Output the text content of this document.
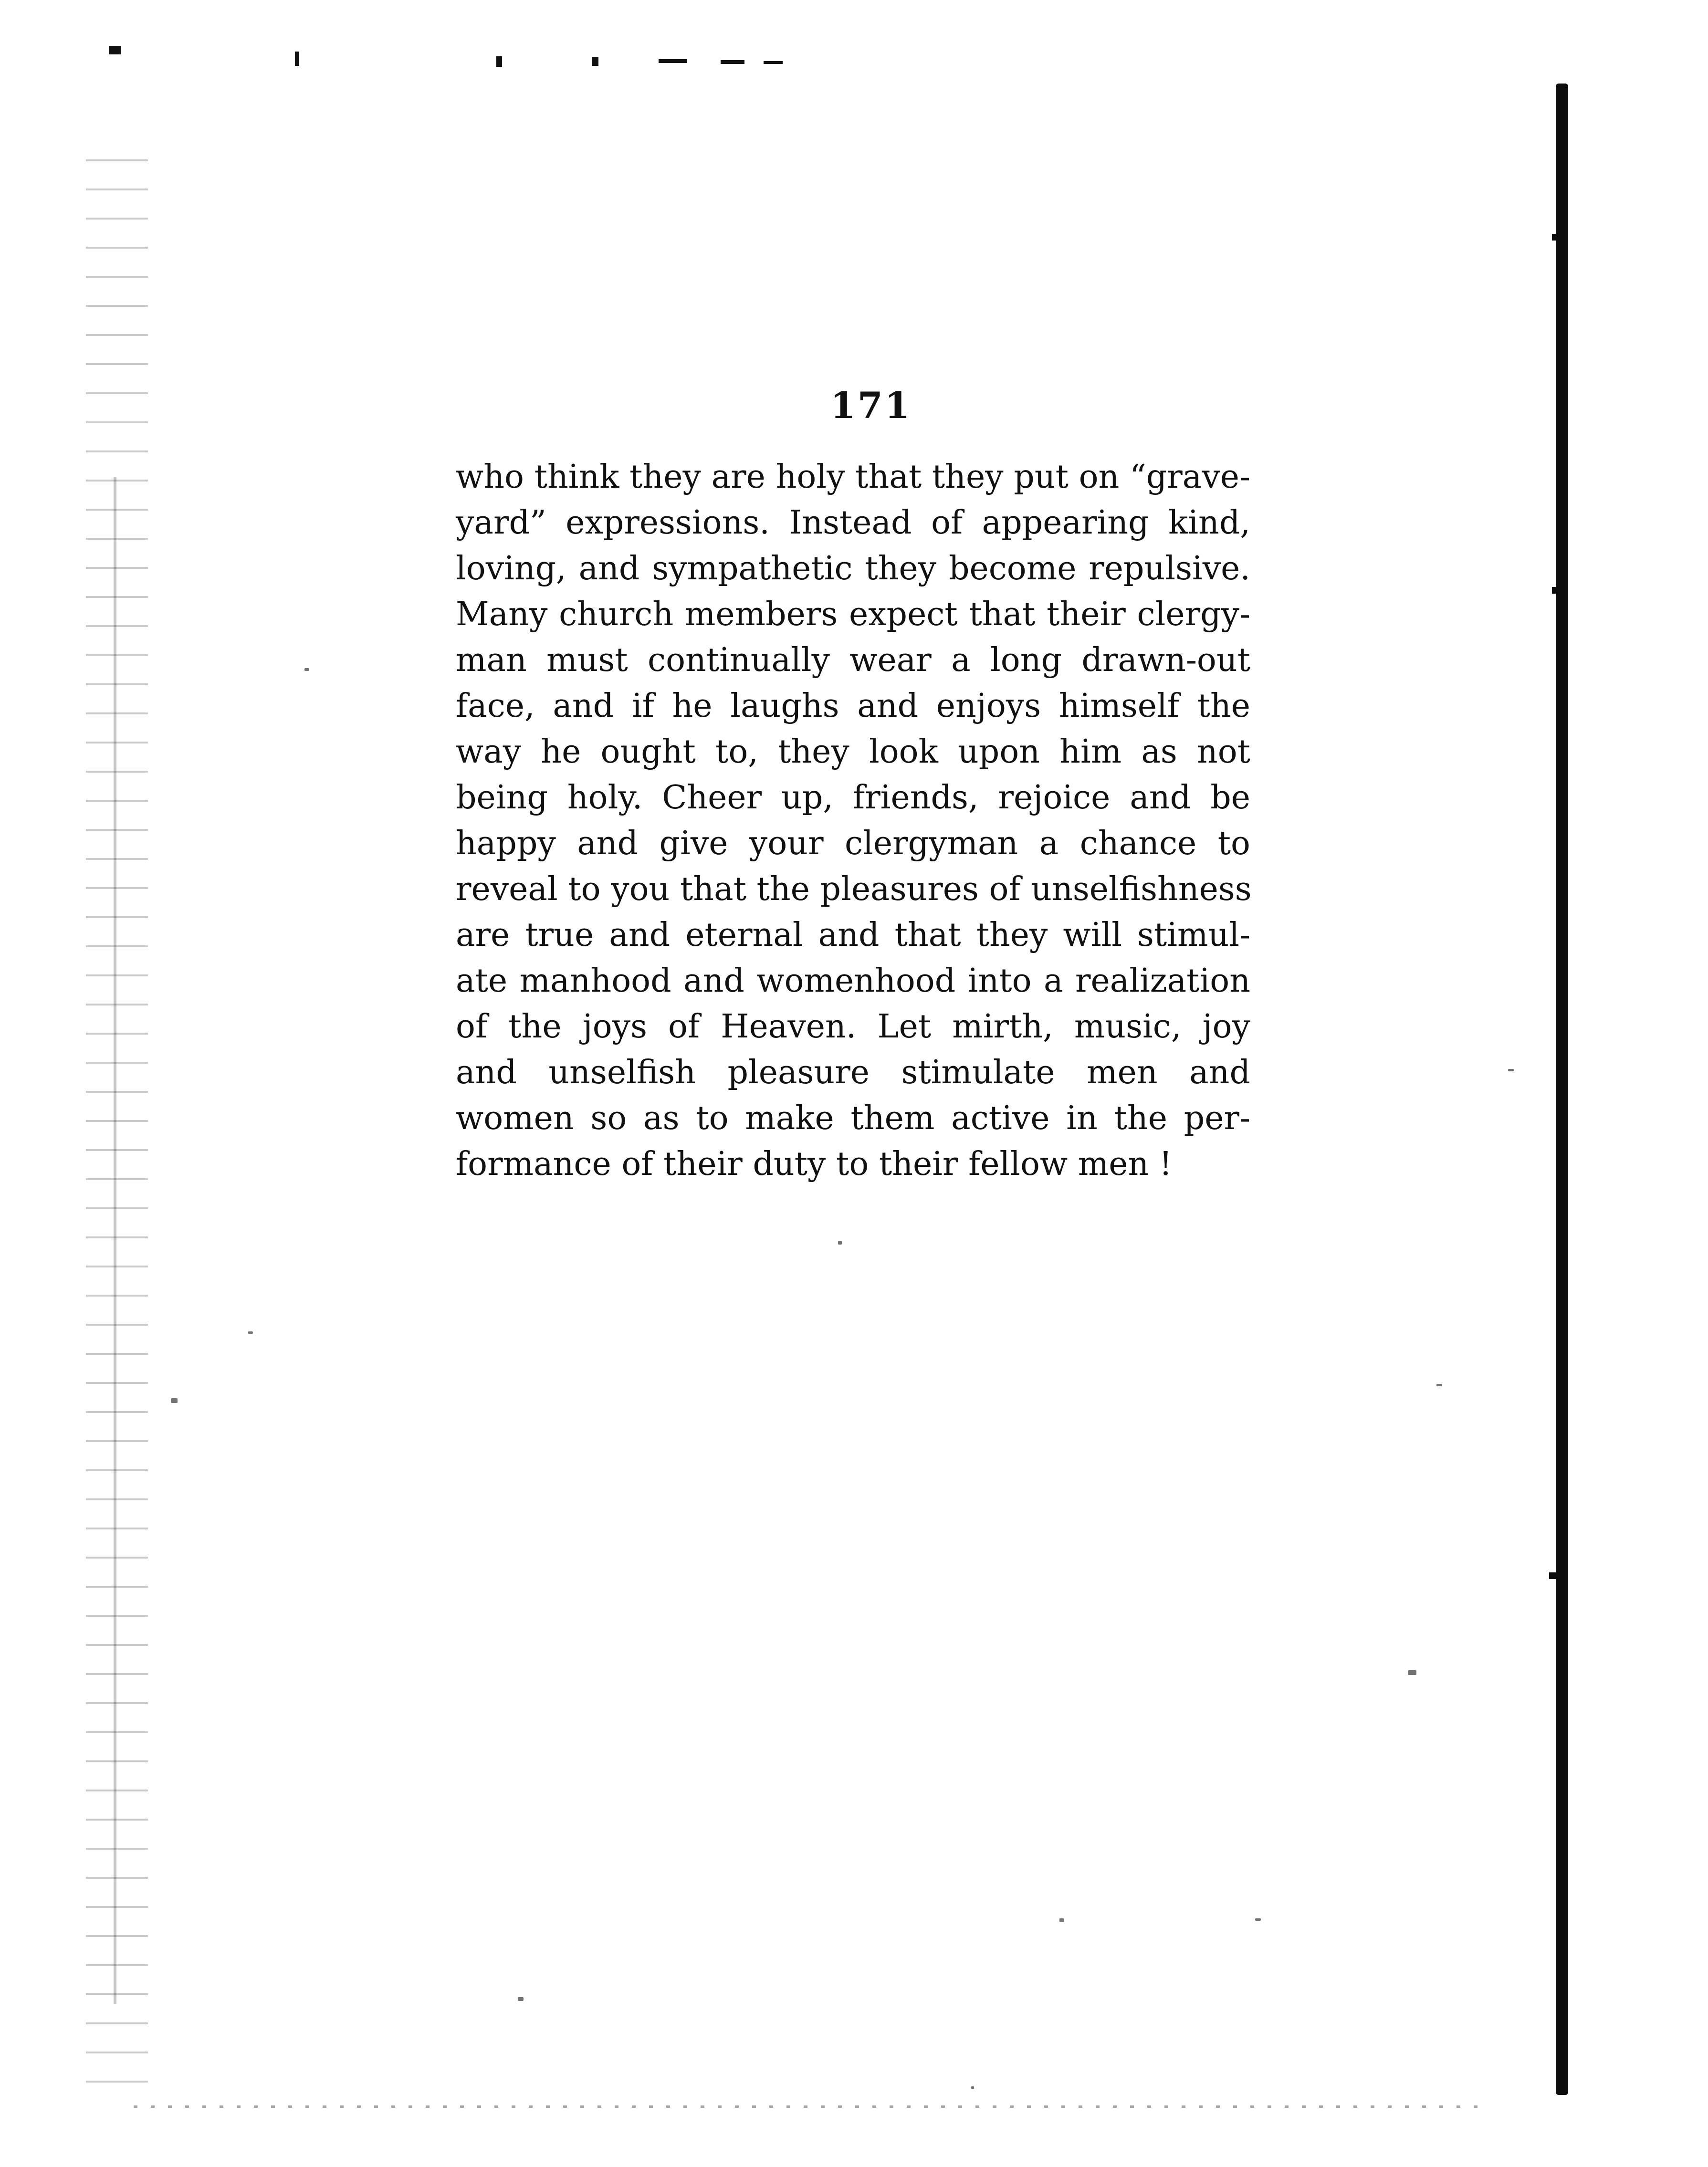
171
who think they are holy that they put on “grave-
yard” expressions. Instead of appearing kind,
loving, and sympathetic they become repulsive.
Many church members expect that their clergy-
man must continually wear a long drawn-out
face, and if he laughs and enjoys himself the
way he ought to, they look upon him as not
being holy. Cheer up, friends, rejoice and be
happy and give your clergyman a chance to
reveal to you that the pleasures of unselfishness
are true and eternal and that they will stimul-
ate manhood and womenhood into a realization
of the joys of Heaven. Let mirth, music, joy
and unselfish pleasure stimulate men and
women so as to make them active in the per-
formance of their duty to their fellow men !
